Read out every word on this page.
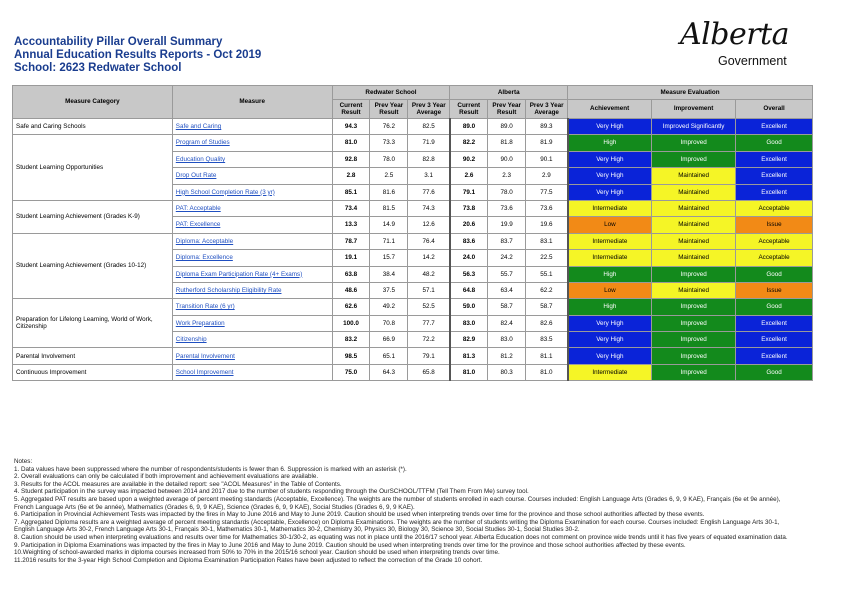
Accountability Pillar Overall Summary
Annual Education Results Reports - Oct 2019
School: 2623 Redwater School
Alberta
Government
Measure Category	Measure	Redwater School			Alberta			Measure Evaluation		
		Current Result	Prev Year Result	Prev 3 Year Average	Current Result	Prev Year Result	Prev 3 Year Average	Achievement	Improvement	Overall
Safe and Caring Schools	Safe and Caring	94.3	76.2	82.5	89.0	89.0	89.3	Very High	Improved Significantly	Excellent
Student Learning Opportunities	Program of Studies	81.0	73.3	71.9	82.2	81.8	81.9	High	Improved	Good
	Education Quality	92.8	78.0	82.8	90.2	90.0	90.1	Very High	Improved	Excellent
	Drop Out Rate	2.8	2.5	3.1	2.6	2.3	2.9	Very High	Maintained	Excellent
	High School Completion Rate (3 yr)	85.1	81.6	77.6	79.1	78.0	77.5	Very High	Maintained	Excellent
Student Learning Achievement (Grades K-9)	PAT: Acceptable	73.4	81.5	74.3	73.8	73.6	73.6	Intermediate	Maintained	Acceptable
	PAT: Excellence	13.3	14.9	12.6	20.6	19.9	19.6	Low	Maintained	Issue
Student Learning Achievement (Grades 10-12)	Diploma: Acceptable	78.7	71.1	76.4	83.6	83.7	83.1	Intermediate	Maintained	Acceptable
	Diploma: Excellence	19.1	15.7	14.2	24.0	24.2	22.5	Intermediate	Maintained	Acceptable
	Diploma Exam Participation Rate (4+ Exams)	63.8	38.4	48.2	56.3	55.7	55.1	High	Improved	Good
	Rutherford Scholarship Eligibility Rate	48.6	37.5	57.1	64.8	63.4	62.2	Low	Maintained	Issue
Preparation for Lifelong Learning, World of Work, Citizenship	Transition Rate (6 yr)	62.6	49.2	52.5	59.0	58.7	58.7	High	Improved	Good
	Work Preparation	100.0	70.8	77.7	83.0	82.4	82.6	Very High	Improved	Excellent
	Citizenship	83.2	66.9	72.2	82.9	83.0	83.5	Very High	Improved	Excellent
Parental Involvement	Parental Involvement	98.5	65.1	79.1	81.3	81.2	81.1	Very High	Improved	Excellent
Continuous Improvement	School Improvement	75.0	64.3	65.8	81.0	80.3	81.0	Intermediate	Improved	Good
Notes:
1. Data values have been suppressed where the number of respondents/students is fewer than 6. Suppression is marked with an asterisk (*).
2. Overall evaluations can only be calculated if both improvement and achievement evaluations are available.
3. Results for the ACOL measures are available in the detailed report: see "ACOL Measures" in the Table of Contents.
4. Student participation in the survey was impacted between 2014 and 2017 due to the number of students responding through the OurSCHOOL/TTFM (Tell Them From Me) survey tool.
5. Aggregated PAT results are based upon a weighted average of percent meeting standards (Acceptable, Excellence). The weights are the number of students enrolled in each course. Courses included: English Language Arts (Grades 6, 9, 9 KAE), Français (6e et 9e année), French Language Arts (6e et 9e année), Mathematics (Grades 6, 9, 9 KAE), Science (Grades 6, 9, 9 KAE), Social Studies (Grades 6, 9, 9 KAE).
6. Participation in Provincial Achievement Tests was impacted by the fires in May to June 2016 and May to June 2019. Caution should be used when interpreting trends over time for the province and those school authorities affected by these events.
7. Aggregated Diploma results are a weighted average of percent meeting standards (Acceptable, Excellence) on Diploma Examinations. The weights are the number of students writing the Diploma Examination for each course. Courses included: English Language Arts 30-1, English Language Arts 30-2, French Language Arts 30-1, Français 30-1, Mathematics 30-1, Mathematics 30-2, Chemistry 30, Physics 30, Biology 30, Science 30, Social Studies 30-1, Social Studies 30-2.
8. Caution should be used when interpreting evaluations and results over time for Mathematics 30-1/30-2, as equating was not in place until the 2016/17 school year. Alberta Education does not comment on province wide trends until it has five years of equated examination data.
9. Participation in Diploma Examinations was impacted by the fires in May to June 2016 and May to June 2019. Caution should be used when interpreting trends over time for the province and those school authorities affected by these events.
10.Weighting of school-awarded marks in diploma courses increased from 50% to 70% in the 2015/16 school year. Caution should be used when interpreting trends over time.
11.2016 results for the 3-year High School Completion and Diploma Examination Participation Rates have been adjusted to reflect the correction of the Grade 10 cohort.
